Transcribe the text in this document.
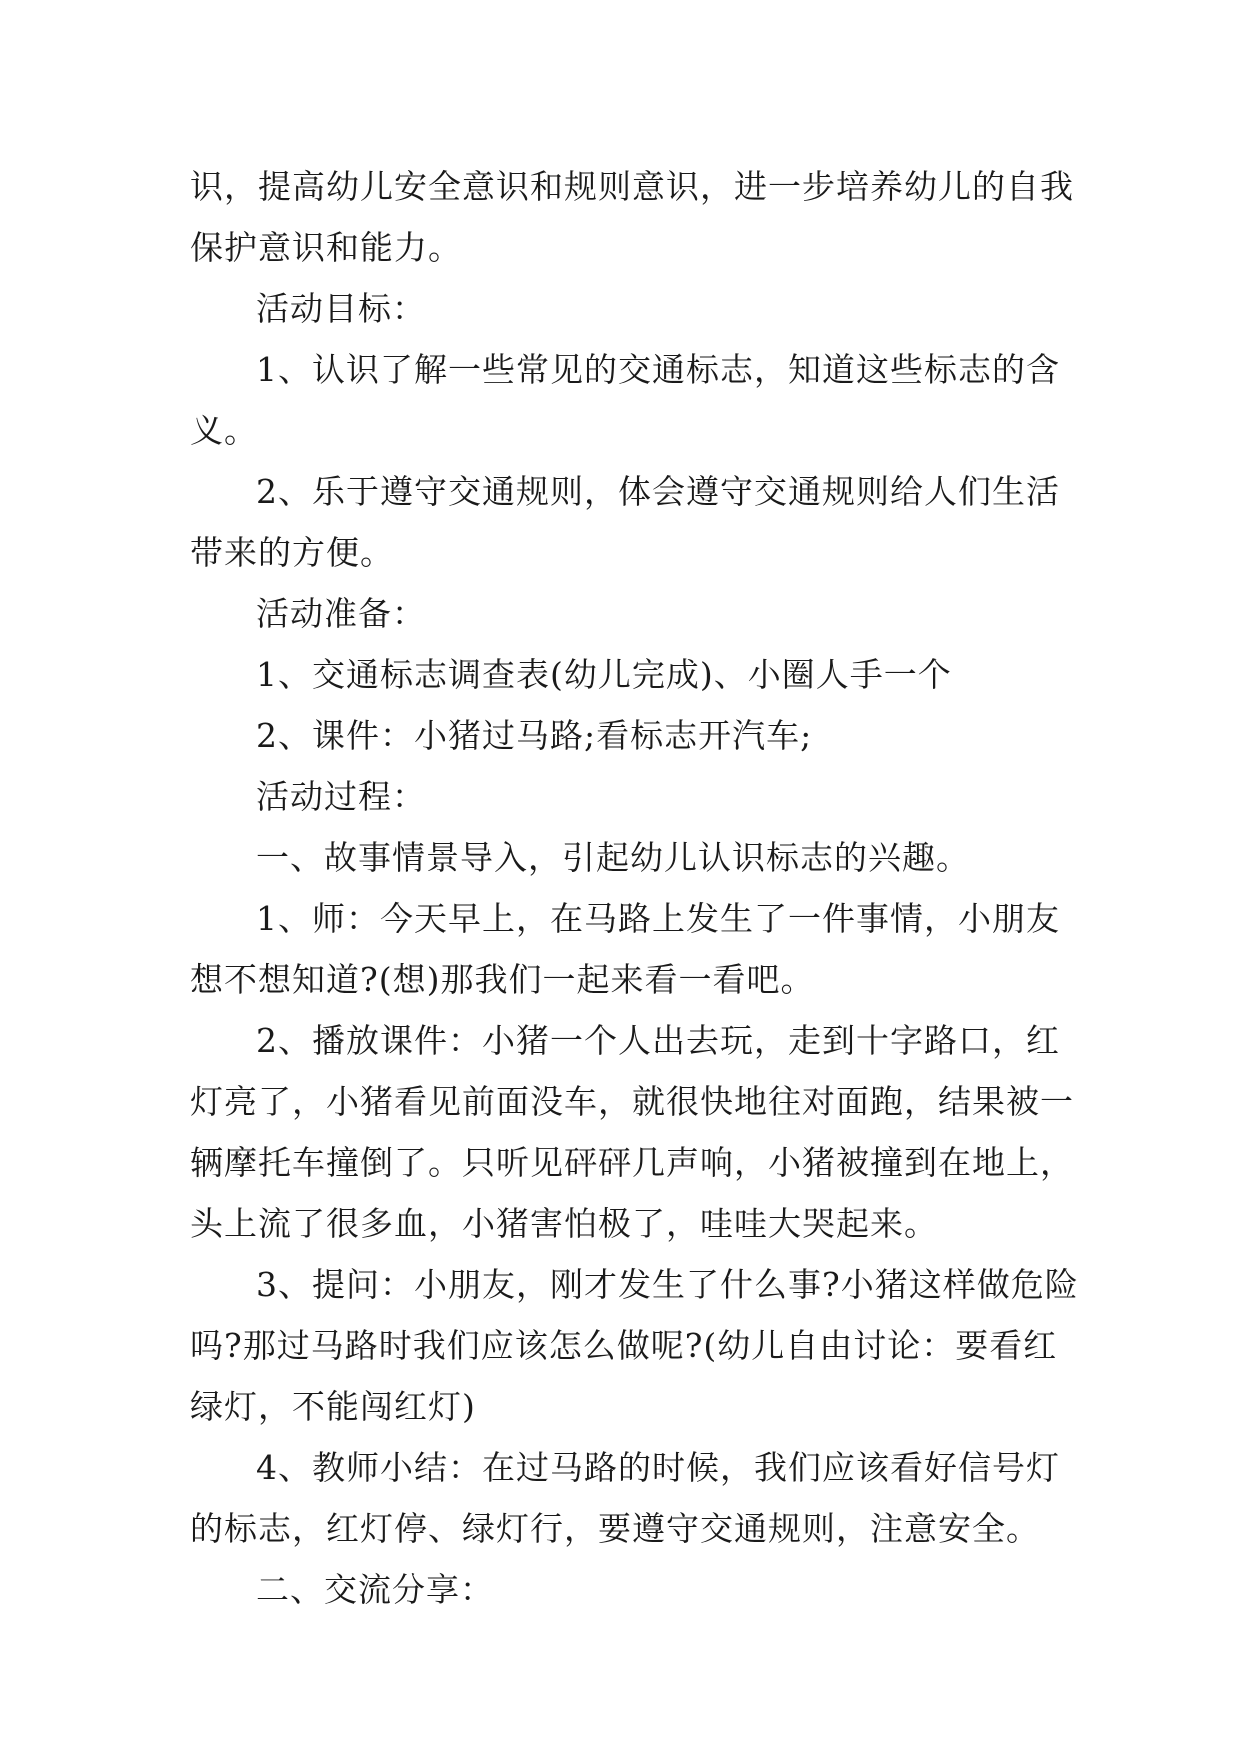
识，提高幼儿安全意识和规则意识，进一步培养幼儿的自我

保护意识和能力。

活动目标：

1、认识了解一些常见的交通标志，知道这些标志的含

义。

2、乐于遵守交通规则，体会遵守交通规则给人们生活

带来的方便。

活动准备：

1、交通标志调查表(幼儿完成)、小圈人手一个

2、课件：小猪过马路;看标志开汽车;

活动过程：

一、故事情景导入，引起幼儿认识标志的兴趣。

1、师：今天早上，在马路上发生了一件事情，小朋友

想不想知道?(想)那我们一起来看一看吧。

2、播放课件：小猪一个人出去玩，走到十字路口，红

灯亮了，小猪看见前面没车，就很快地往对面跑，结果被一

辆摩托车撞倒了。只听见砰砰几声响，小猪被撞到在地上，

头上流了很多血，小猪害怕极了，哇哇大哭起来。

3、提问：小朋友，刚才发生了什么事?小猪这样做危险

吗?那过马路时我们应该怎么做呢?(幼儿自由讨论：要看红

绿灯，不能闯红灯)

4、教师小结：在过马路的时候，我们应该看好信号灯

的标志，红灯停、绿灯行，要遵守交通规则，注意安全。

二、交流分享：
